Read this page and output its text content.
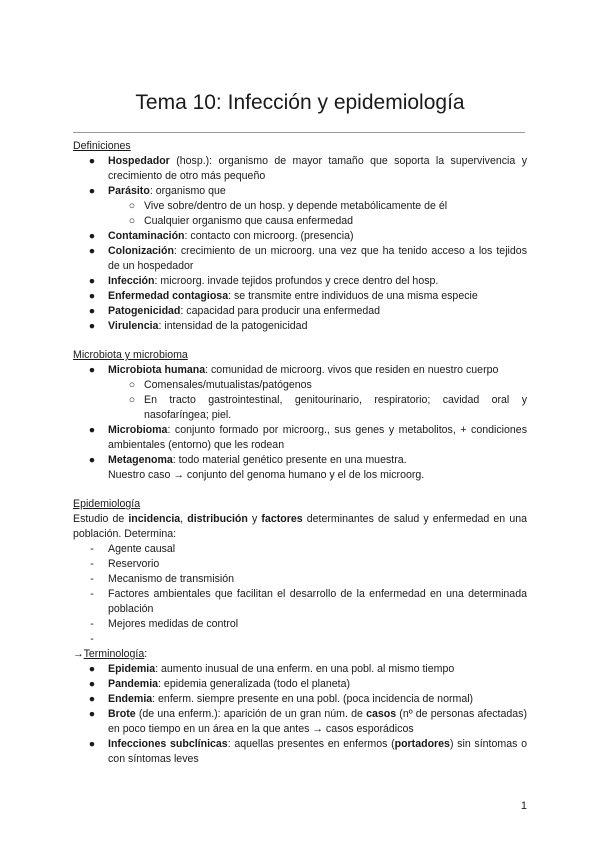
Tema 10: Infección y epidemiología
Definiciones
● Hospedador (hosp.): organismo de mayor tamaño que soporta la supervivencia y crecimiento de otro más pequeño
● Parásito: organismo que
○ Vive sobre/dentro de un hosp. y depende metabólicamente de él
○ Cualquier organismo que causa enfermedad
● Contaminación: contacto con microorg. (presencia)
● Colonización: crecimiento de un microorg. una vez que ha tenido acceso a los tejidos de un hospedador
● Infección: microorg. invade tejidos profundos y crece dentro del hosp.
● Enfermedad contagiosa: se transmite entre individuos de una misma especie
● Patogenicidad: capacidad para producir una enfermedad
● Virulencia: intensidad de la patogenicidad
Microbiota y microbioma
● Microbiota humana: comunidad de microorg. vivos que residen en nuestro cuerpo
○ Comensales/mutualistas/patógenos
○ En tracto gastrointestinal, genitourinario, respiratorio; cavidad oral y nasofaríngea; piel.
● Microbioma: conjunto formado por microorg., sus genes y metabolitos, + condiciones ambientales (entorno) que les rodean
● Metagenoma: todo material genético presente en una muestra.
Nuestro caso → conjunto del genoma humano y el de los microorg.
Epidemiología
Estudio de incidencia, distribución y factores determinantes de salud y enfermedad en una población. Determina:
-	Agente causal
-	Reservorio
-	Mecanismo de transmisión
-	Factores ambientales que facilitan el desarrollo de la enfermedad en una determinada población
-	Mejores medidas de control
-
→Terminología:
● Epidemia: aumento inusual de una enferm. en una pobl. al mismo tiempo
● Pandemia: epidemia generalizada (todo el planeta)
● Endemia: enferm. siempre presente en una pobl. (poca incidencia de normal)
● Brote (de una enferm.): aparición de un gran núm. de casos (nº de personas afectadas) en poco tiempo en un área en la que antes → casos esporádicos
● Infecciones subclínicas: aquellas presentes en enfermos (portadores) sin síntomas o con síntomas leves
1
